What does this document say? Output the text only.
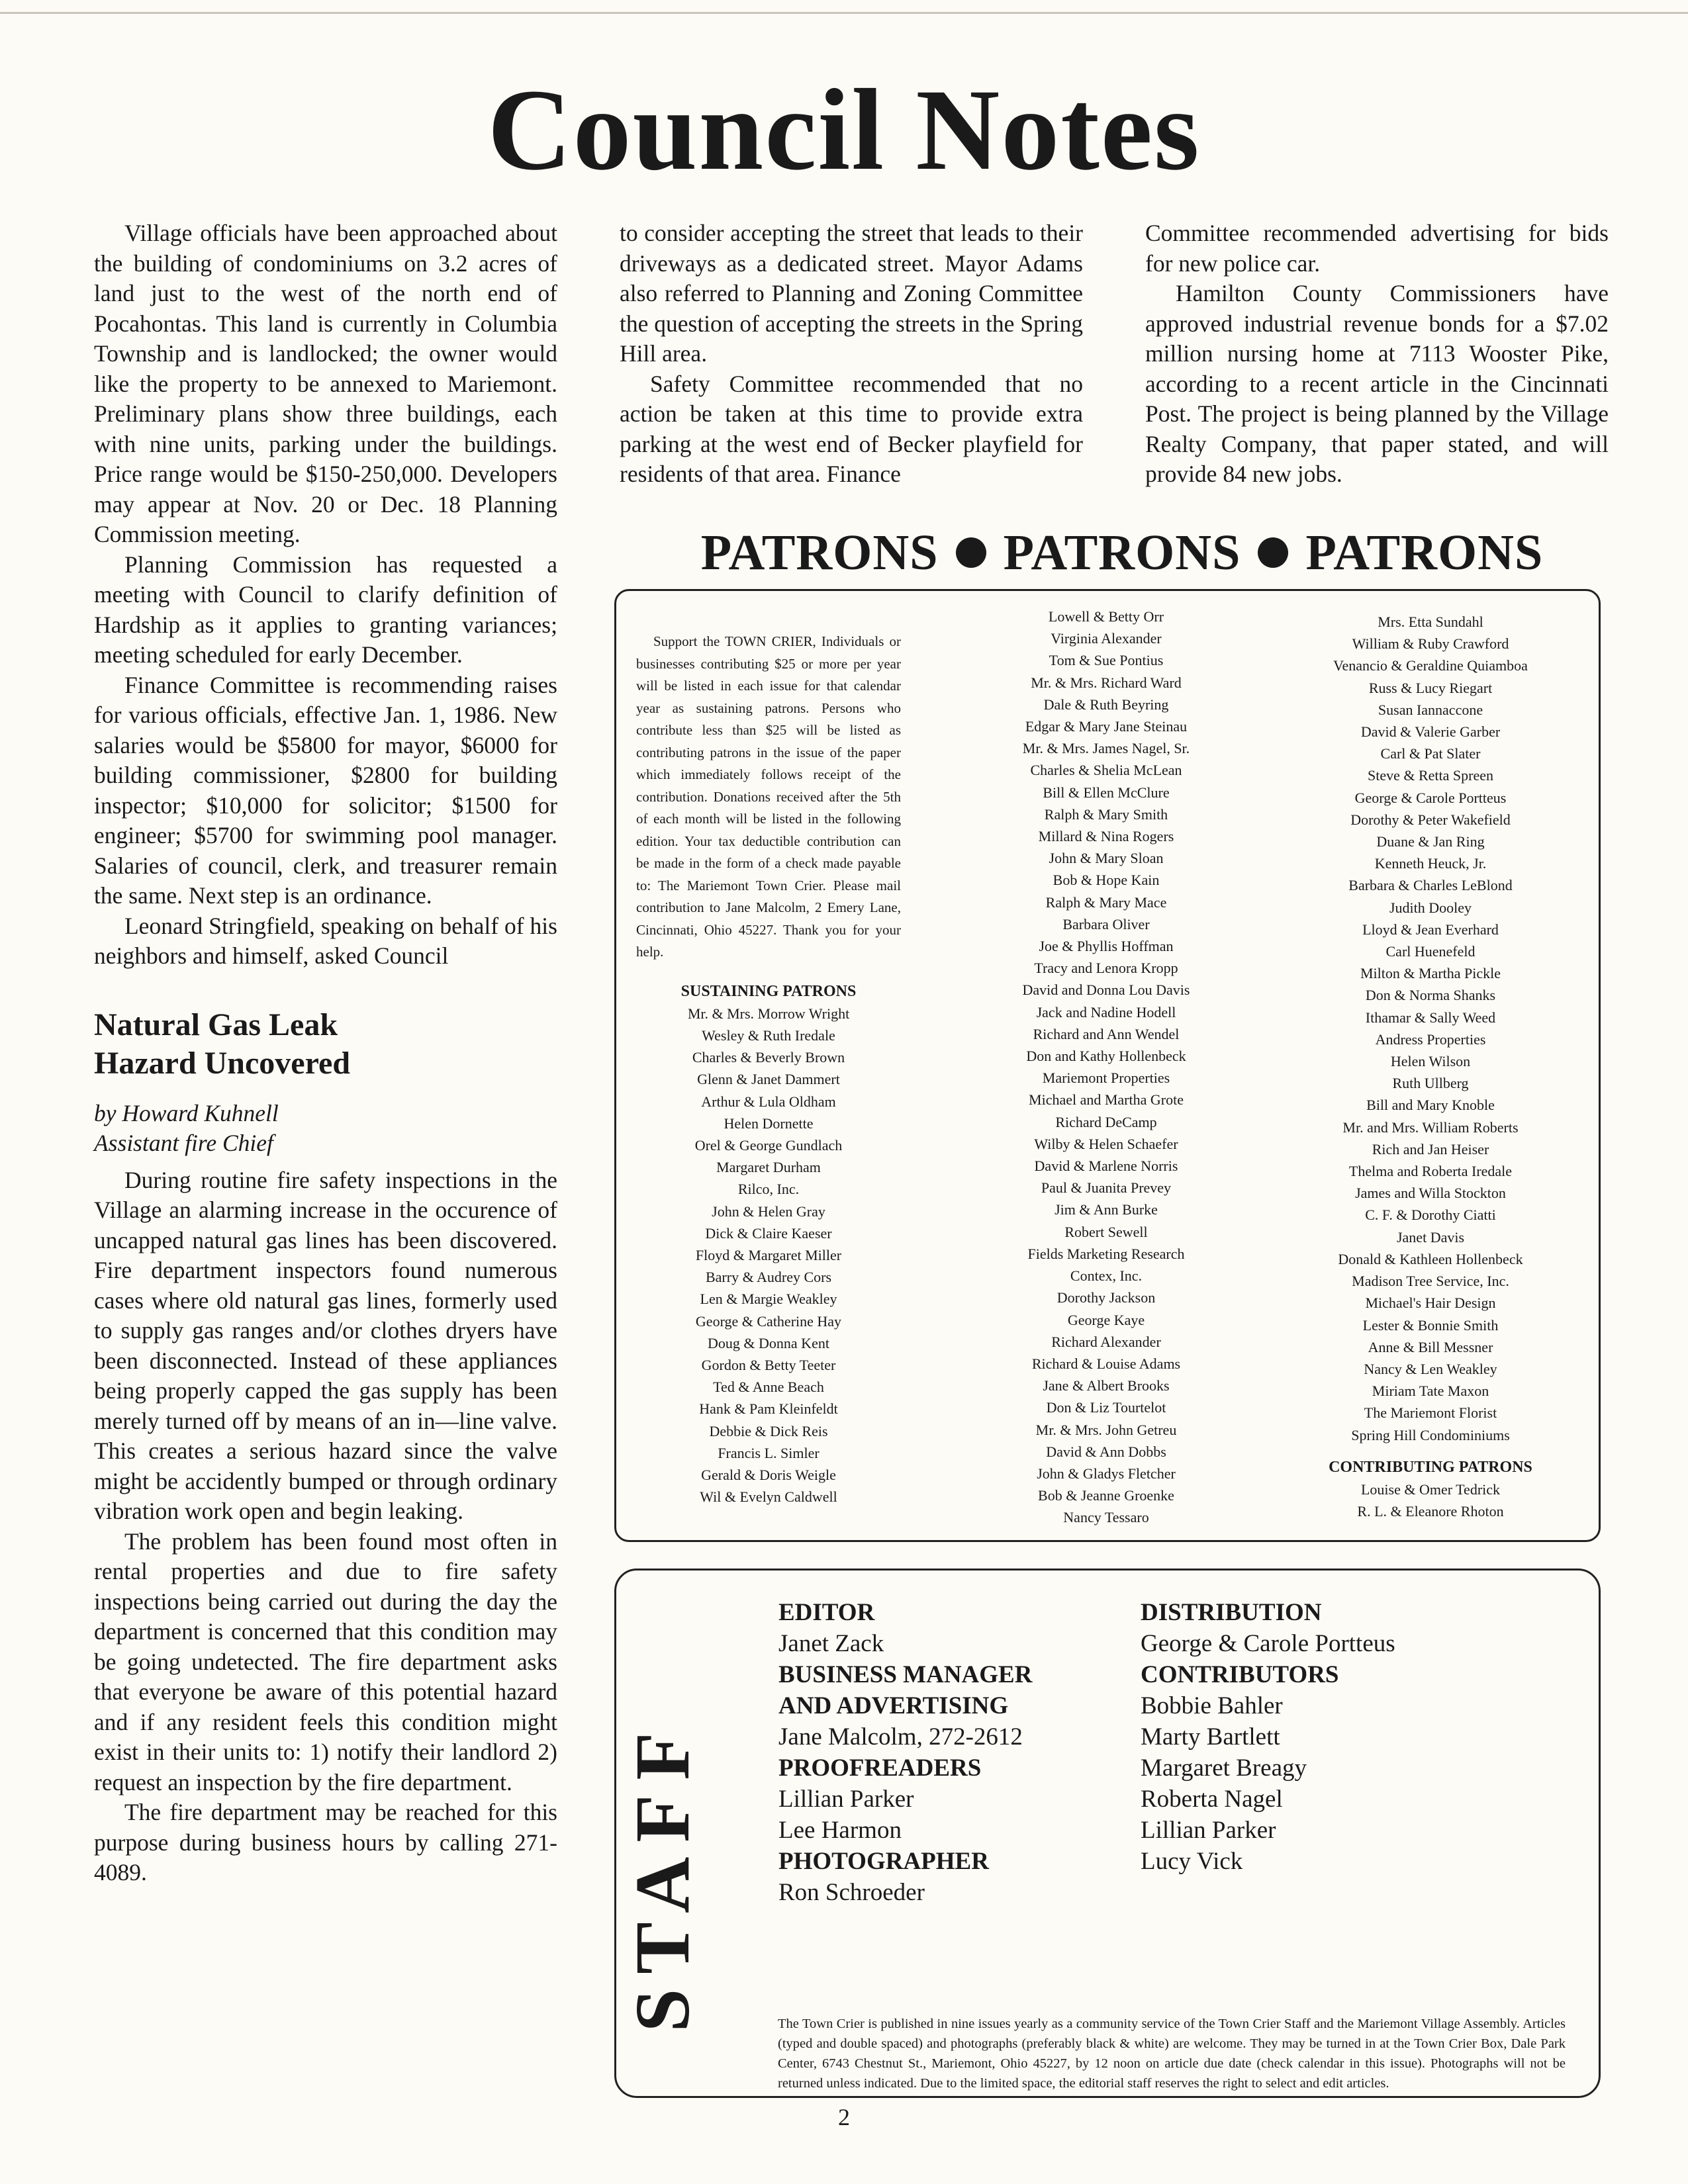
Council Notes

Village officials have been approached about the building of condominiums on 3.2 acres of land just to the west of the north end of Pocahontas. This land is currently in Columbia Township and is landlocked; the owner would like the property to be annexed to Mariemont. Preliminary plans show three buildings, each with nine units, parking under the buildings. Price range would be $150-250,000. Developers may appear at Nov. 20 or Dec. 18 Planning Commission meeting.

Planning Commission has requested a meeting with Council to clarify definition of Hardship as it applies to granting variances; meeting scheduled for early December.

Finance Committee is recommending raises for various officials, effective Jan. 1, 1986. New salaries would be $5800 for mayor, $6000 for building commissioner, $2800 for building inspector; $10,000 for solicitor; $1500 for engineer; $5700 for swimming pool manager. Salaries of council, clerk, and treasurer remain the same. Next step is an ordinance.

Leonard Stringfield, speaking on behalf of his neighbors and himself, asked Council

Natural Gas Leak
Hazard Uncovered
by Howard Kuhnell
Assistant fire Chief

During routine fire safety inspections in the Village an alarming increase in the occurence of uncapped natural gas lines has been discovered. Fire department inspectors found numerous cases where old natural gas lines, formerly used to supply gas ranges and/or clothes dryers have been disconnected. Instead of these appliances being properly capped the gas supply has been merely turned off by means of an in—line valve. This creates a serious hazard since the valve might be accidently bumped or through ordinary vibration work open and begin leaking.

The problem has been found most often in rental properties and due to fire safety inspections being carried out during the day the department is concerned that this condition may be going undetected. The fire department asks that everyone be aware of this potential hazard and if any resident feels this condition might exist in their units to: 1) notify their landlord 2) request an inspection by the fire department.

The fire department may be reached for this purpose during business hours by calling 271-4089.

to consider accepting the street that leads to their driveways as a dedicated street. Mayor Adams also referred to Planning and Zoning Committee the question of accepting the streets in the Spring Hill area.

Safety Committee recommended that no action be taken at this time to provide extra parking at the west end of Becker playfield for residents of that area. Finance

Committee recommended advertising for bids for new police car.

Hamilton County Commissioners have approved industrial revenue bonds for a $7.02 million nursing home at 7113 Wooster Pike, according to a recent article in the Cincinnati Post. The project is being planned by the Village Realty Company, that paper stated, and will provide 84 new jobs.

PATRONS PATRONS PATRONS

Support the TOWN CRIER, Individuals or businesses contributing $25 or more per year will be listed in each issue for that calendar year as sustaining patrons. Persons who contribute less than $25 will be listed as contributing patrons in the issue of the paper which immediately follows receipt of the contribution. Donations received after the 5th of each month will be listed in the following edition. Your tax deductible contribution can be made in the form of a check made payable to: The Mariemont Town Crier. Please mail contribution to Jane Malcolm, 2 Emery Lane, Cincinnati, Ohio 45227. Thank you for your help.

SUSTAINING PATRONS
Mr. & Mrs. Morrow Wright
Wesley & Ruth Iredale
Charles & Beverly Brown
Glenn & Janet Dammert
Arthur & Lula Oldham
Helen Dornette
Orel & George Gundlach
Margaret Durham
Rilco, Inc.
John & Helen Gray
Dick & Claire Kaeser
Floyd & Margaret Miller
Barry & Audrey Cors
Len & Margie Weakley
George & Catherine Hay
Doug & Donna Kent
Gordon & Betty Teeter
Ted & Anne Beach
Hank & Pam Kleinfeldt
Debbie & Dick Reis
Francis L. Simler
Gerald & Doris Weigle
Wil & Evelyn Caldwell
Lowell & Betty Orr
Virginia Alexander
Tom & Sue Pontius
Mr. & Mrs. Richard Ward
Dale & Ruth Beyring
Edgar & Mary Jane Steinau
Mr. & Mrs. James Nagel, Sr.
Charles & Shelia McLean
Bill & Ellen McClure
Ralph & Mary Smith
Millard & Nina Rogers
John & Mary Sloan
Bob & Hope Kain
Ralph & Mary Mace
Barbara Oliver
Joe & Phyllis Hoffman
Tracy and Lenora Kropp
David and Donna Lou Davis
Jack and Nadine Hodell
Richard and Ann Wendel
Don and Kathy Hollenbeck
Mariemont Properties
Michael and Martha Grote
Richard DeCamp
Wilby & Helen Schaefer
David & Marlene Norris
Paul & Juanita Prevey
Jim & Ann Burke
Robert Sewell
Fields Marketing Research
Contex, Inc.
Dorothy Jackson
George Kaye
Richard Alexander
Richard & Louise Adams
Jane & Albert Brooks
Don & Liz Tourtelot
Mr. & Mrs. John Getreu
David & Ann Dobbs
John & Gladys Fletcher
Bob & Jeanne Groenke
Nancy Tessaro
Mrs. Etta Sundahl
William & Ruby Crawford
Venancio & Geraldine Quiamboa
Russ & Lucy Riegart
Susan Iannaccone
David & Valerie Garber
Carl & Pat Slater
Steve & Retta Spreen
George & Carole Portteus
Dorothy & Peter Wakefield
Duane & Jan Ring
Kenneth Heuck, Jr.
Barbara & Charles LeBlond
Judith Dooley
Lloyd & Jean Everhard
Carl Huenefeld
Milton & Martha Pickle
Don & Norma Shanks
Ithamar & Sally Weed
Andress Properties
Helen Wilson
Ruth Ullberg
Bill and Mary Knoble
Mr. and Mrs. William Roberts
Rich and Jan Heiser
Thelma and Roberta Iredale
James and Willa Stockton
C. F. & Dorothy Ciatti
Janet Davis
Donald & Kathleen Hollenbeck
Madison Tree Service, Inc.
Michael's Hair Design
Lester & Bonnie Smith
Anne & Bill Messner
Nancy & Len Weakley
Miriam Tate Maxon
The Mariemont Florist
Spring Hill Condominiums
CONTRIBUTING PATRONS
Louise & Omer Tedrick
R. L. & Eleanore Rhoton
STAFF
EDITOR
Janet Zack
BUSINESS MANAGER
AND ADVERTISING
Jane Malcolm, 272-2612
PROOFREADERS
Lillian Parker
Lee Harmon
PHOTOGRAPHER
Ron Schroeder
DISTRIBUTION
George & Carole Portteus
CONTRIBUTORS
Bobbie Bahler
Marty Bartlett
Margaret Breagy
Roberta Nagel
Lillian Parker
Lucy Vick

The Town Crier is published in nine issues yearly as a community service of the Town Crier Staff and the Mariemont Village Assembly. Articles (typed and double spaced) and photographs (preferably black & white) are welcome. They may be turned in at the Town Crier Box, Dale Park Center, 6743 Chestnut St., Mariemont, Ohio 45227, by 12 noon on article due date (check calendar in this issue). Photographs will not be returned unless indicated. Due to the limited space, the editorial staff reserves the right to select and edit articles.

2
